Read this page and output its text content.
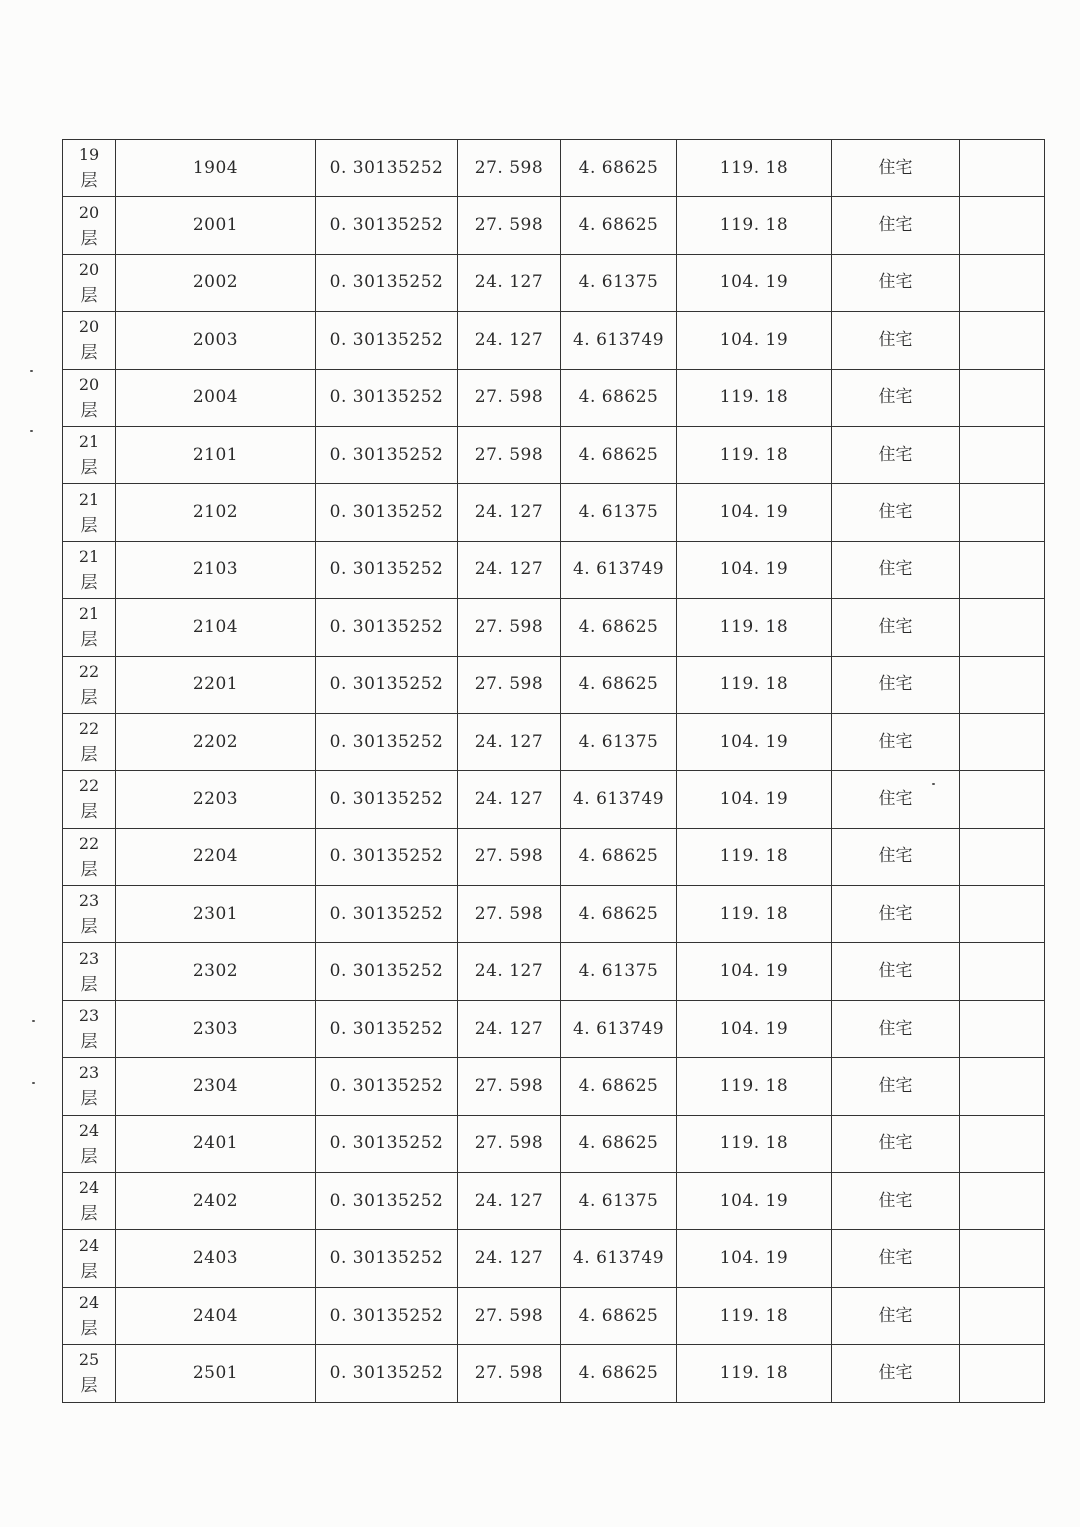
19
层	1904	0. 30135252	27. 598	4. 68625	119. 18	住宅	

20
层	2001	0. 30135252	27. 598	4. 68625	119. 18	住宅	

20
层	2002	0. 30135252	24. 127	4. 61375	104. 19	住宅	

20
层	2003	0. 30135252	24. 127	4. 613749	104. 19	住宅	

20
层	2004	0. 30135252	27. 598	4. 68625	119. 18	住宅	

21
层	2101	0. 30135252	27. 598	4. 68625	119. 18	住宅	

21
层	2102	0. 30135252	24. 127	4. 61375	104. 19	住宅	

21
层	2103	0. 30135252	24. 127	4. 613749	104. 19	住宅	

21
层	2104	0. 30135252	27. 598	4. 68625	119. 18	住宅	

22
层	2201	0. 30135252	27. 598	4. 68625	119. 18	住宅	

22
层	2202	0. 30135252	24. 127	4. 61375	104. 19	住宅	

22
层	2203	0. 30135252	24. 127	4. 613749	104. 19	住宅	

22
层	2204	0. 30135252	27. 598	4. 68625	119. 18	住宅	

23
层	2301	0. 30135252	27. 598	4. 68625	119. 18	住宅	

23
层	2302	0. 30135252	24. 127	4. 61375	104. 19	住宅	

23
层	2303	0. 30135252	24. 127	4. 613749	104. 19	住宅	

23
层	2304	0. 30135252	27. 598	4. 68625	119. 18	住宅	

24
层	2401	0. 30135252	27. 598	4. 68625	119. 18	住宅	

24
层	2402	0. 30135252	24. 127	4. 61375	104. 19	住宅	

24
层	2403	0. 30135252	24. 127	4. 613749	104. 19	住宅	

24
层	2404	0. 30135252	27. 598	4. 68625	119. 18	住宅	

25
层	2501	0. 30135252	27. 598	4. 68625	119. 18	住宅	
